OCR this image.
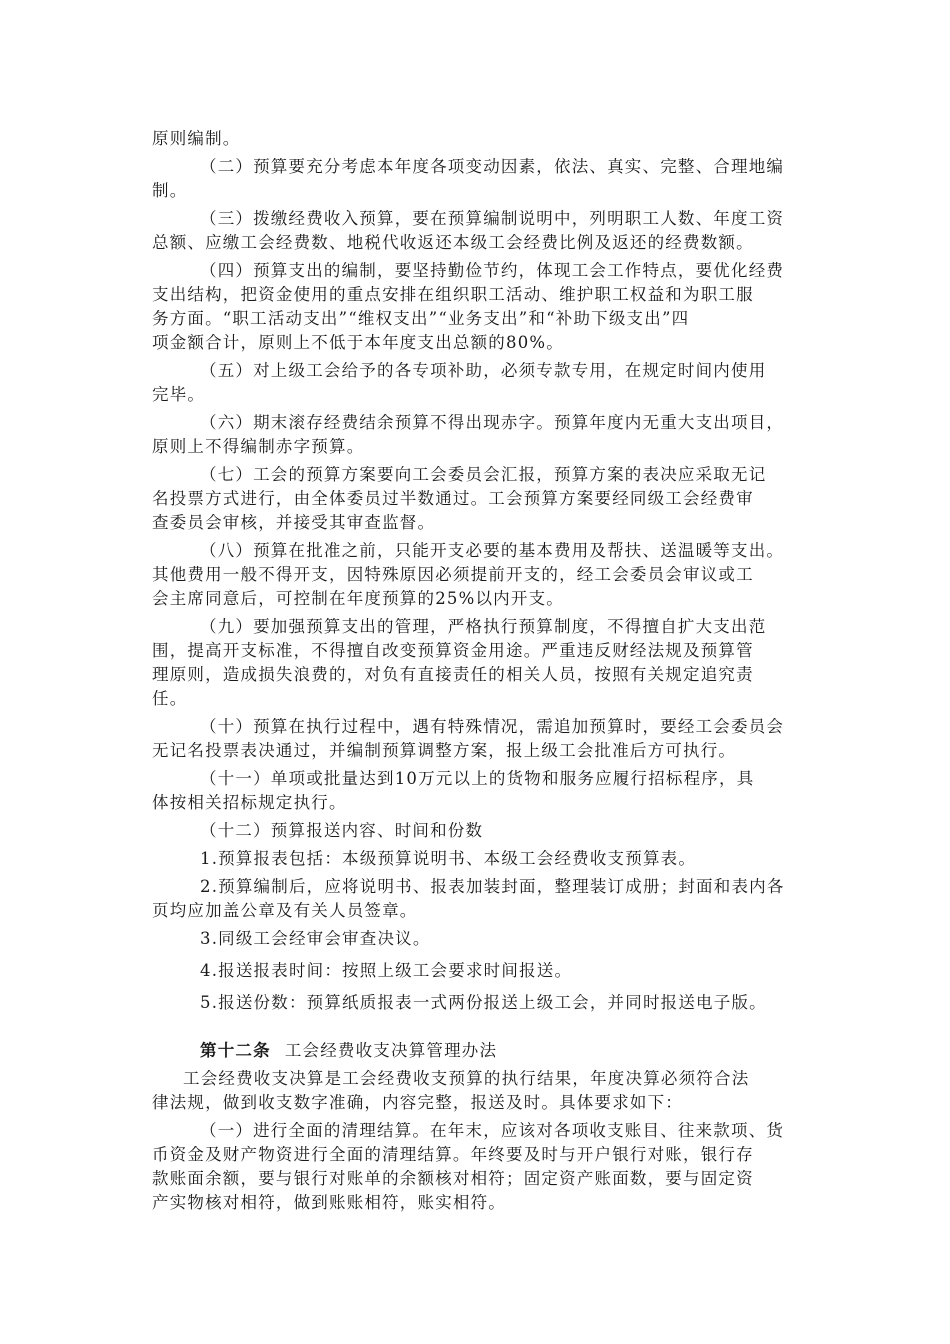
原则编制。
（二）预算要充分考虑本年度各项变动因素，依法、真实、完整、合理地编
制。
（三）拨缴经费收入预算，要在预算编制说明中，列明职工人数、年度工资
总额、应缴工会经费数、地税代收返还本级工会经费比例及返还的经费数额。
（四）预算支出的编制，要坚持勤俭节约，体现工会工作特点，要优化经费
支出结构，把资金使用的重点安排在组织职工活动、维护职工权益和为职工服
务方面。“职工活动支出”“维权支出”“业务支出”和“补助下级支出”四
项金额合计，原则上不低于本年度支出总额的80%。
（五）对上级工会给予的各专项补助，必须专款专用，在规定时间内使用
完毕。
（六）期末滚存经费结余预算不得出现赤字。预算年度内无重大支出项目，
原则上不得编制赤字预算。
（七）工会的预算方案要向工会委员会汇报，预算方案的表决应采取无记
名投票方式进行，由全体委员过半数通过。工会预算方案要经同级工会经费审
查委员会审核，并接受其审查监督。
（八）预算在批准之前，只能开支必要的基本费用及帮扶、送温暖等支出。
其他费用一般不得开支，因特殊原因必须提前开支的，经工会委员会审议或工
会主席同意后，可控制在年度预算的25%以内开支。
（九）要加强预算支出的管理，严格执行预算制度，不得擅自扩大支出范
围，提高开支标准，不得擅自改变预算资金用途。严重违反财经法规及预算管
理原则，造成损失浪费的，对负有直接责任的相关人员，按照有关规定追究责
任。
（十）预算在执行过程中，遇有特殊情况，需追加预算时，要经工会委员会
无记名投票表决通过，并编制预算调整方案，报上级工会批准后方可执行。
（十一）单项或批量达到10万元以上的货物和服务应履行招标程序，具
体按相关招标规定执行。
（十二）预算报送内容、时间和份数
1.预算报表包括：本级预算说明书、本级工会经费收支预算表。
2.预算编制后，应将说明书、报表加装封面，整理装订成册；封面和表内各
页均应加盖公章及有关人员签章。
3.同级工会经审会审查决议。
4.报送报表时间：按照上级工会要求时间报送。
5.报送份数：预算纸质报表一式两份报送上级工会，并同时报送电子版。
第十二条 工会经费收支决算管理办法
工会经费收支决算是工会经费收支预算的执行结果，年度决算必须符合法
律法规，做到收支数字准确，内容完整，报送及时。具体要求如下：
（一）进行全面的清理结算。在年末，应该对各项收支账目、往来款项、货
币资金及财产物资进行全面的清理结算。年终要及时与开户银行对账，银行存
款账面余额，要与银行对账单的余额核对相符；固定资产账面数，要与固定资
产实物核对相符，做到账账相符，账实相符。
